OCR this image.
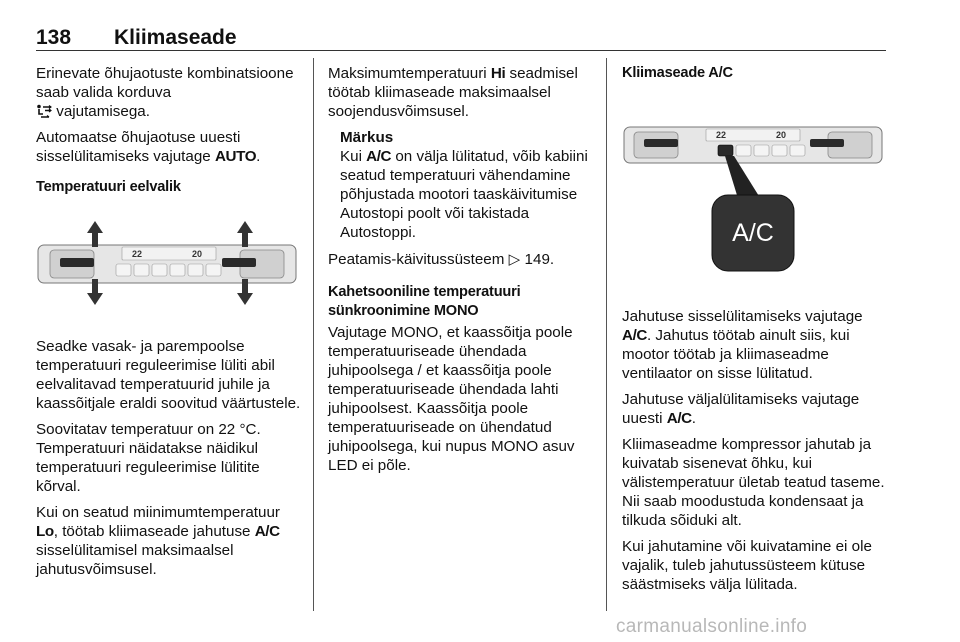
138 Kliimaseade

Erinevate õhujaotuste kombinatsioone saab valida korduva
vajutamisega.

Automaatse õhujaotuse uuesti sisselülitamiseks vajutage AUTO.

Temperatuuri eelvalik

22	20

Seadke vasak- ja parempoolse temperatuuri reguleerimise lüliti abil eelvalitavad temperatuurid juhile ja kaassõitjale eraldi soovitud väärtustele.

Soovitatav temperatuur on 22 °C. Temperatuuri näidatakse näidikul temperatuuri reguleerimise lülitite kõrval.

Kui on seatud miinimumtemperatuur Lo, töötab kliimaseade jahutuse A/C sisselülitamisel maksimaalsel jahutusvõimsusel.

Maksimumtemperatuuri Hi seadmisel töötab kliimaseade maksimaalsel soojendusvõimsusel.

Märkus

Kui A/C on välja lülitatud, võib kabiini seatud temperatuuri vähendamine põhjustada mootori taaskäivitumise Autostopi poolt või takistada Autostoppi.

Peatamis-käivitussüsteem ▷ 149.

Kahetsooniline temperatuuri sünkroonimine MONO

Vajutage MONO, et kaassõitja poole temperatuuriseade ühendada juhipoolsega / et kaassõitja poole temperatuuriseade ühendada lahti juhipoolsest. Kaassõitja poole temperatuuriseade on ühendatud juhipoolsega, kui nupus MONO asuv LED ei põle.

Kliimaseade A/C

22	20
A/C

Jahutuse sisselülitamiseks vajutage A/C. Jahutus töötab ainult siis, kui mootor töötab ja kliimaseadme ventilaator on sisse lülitatud.

Jahutuse väljalülitamiseks vajutage uuesti A/C.

Kliimaseadme kompressor jahutab ja kuivatab sisenevat õhku, kui välistemperatuur ületab teatud taseme. Nii saab moodustuda kondensaat ja tilkuda sõiduki alt.

Kui jahutamine või kuivatamine ei ole vajalik, tuleb jahutussüsteem kütuse säästmiseks välja lülitada.

carmanualsonline.info
